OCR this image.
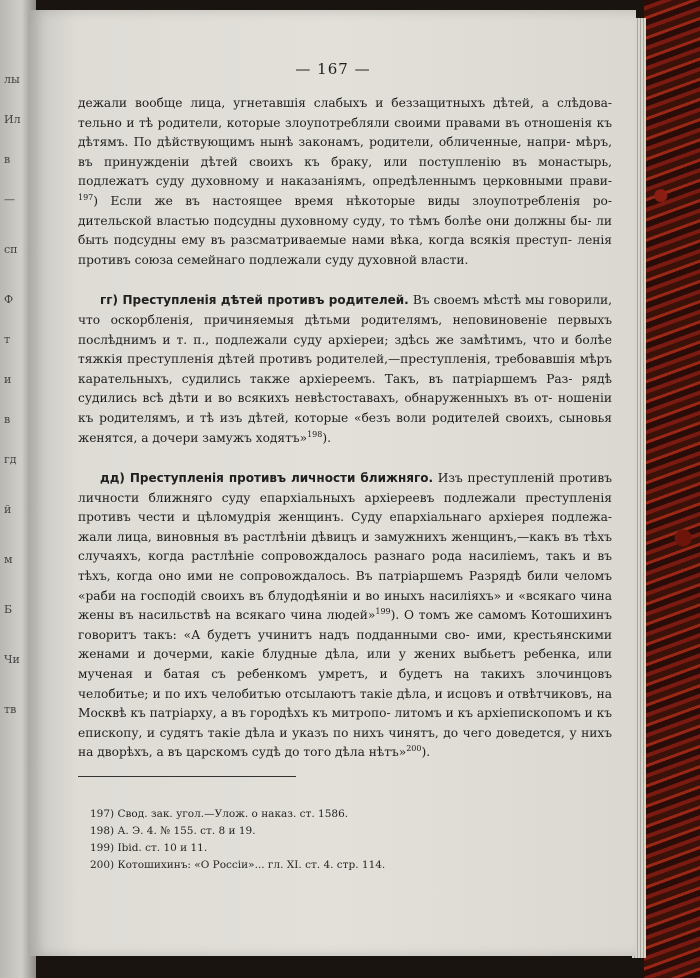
лы
Ил
в
—
сп
Ф
т
и
в
гд
й
м
Б
Чи
тв
— 167 —

дежали вообще лица, угнетавшія слабыхъ и беззащитныхъ дѣтей, а слѣдова- тельно и тѣ родители, которые злоупотребляли своими правами въ отношенія къ дѣтямъ. По дѣйствующимъ нынѣ законамъ, родители, обличенные, напри- мѣръ, въ принужденіи дѣтей своихъ къ браку, или поступленію въ монастырь, подлежатъ суду духовному и наказаніямъ, опредѣленнымъ церковными прави- $^{197}$) Если же въ настоящее время нѣкоторые виды злоупотребленія ро- дительской властью подсудны духовному суду, то тѣмъ болѣе они должны бы- ли быть подсудны ему въ разсматриваемые нами вѣка, когда всякія преступ- ленія противъ союза семейнаго подлежали суду духовной власти.

гг) Преступленія дѣтей противъ родителей. Въ своемъ мѣстѣ мы говорили, что оскорбленія, причиняемыя дѣтьми родителямъ, неповиновеніе первыхъ послѣднимъ и т. п., подлежали суду архіереи; здѣсь же замѣтимъ, что и болѣе тяжкія преступленія дѣтей противъ родителей,—преступленія, требовавшія мѣръ карательныхъ, судились также архіереемъ. Такъ, въ патріаршемъ Раз- рядѣ судились всѣ дѣти и во всякихъ невѣстоставахъ, обнаруженныхъ въ от- ношеніи къ родителямъ, и тѣ изъ дѣтей, которые «безъ воли родителей своихъ, сыновья женятся, а дочери замужъ ходятъ»$^{198}$).

дд) Преступленія противъ личности ближняго. Изъ преступленій противъ личности ближняго суду епархіальныхъ архіереевъ подлежали преступленія противъ чести и цѣломудрія женщинъ. Суду епархіальнаго архіерея подлежа- жали лица, виновныя въ растлѣніи дѣвицъ и замужнихъ женщинъ,—какъ въ тѣхъ случаяхъ, когда растлѣніе сопровождалось разнаго рода насиліемъ, такъ и въ тѣхъ, когда оно ими не сопровождалось. Въ патріаршемъ Разрядѣ били челомъ «раби на господій своихъ въ блудодѣяніи и во иныхъ насиліяхъ» и «всякаго чина жены въ насильствѣ на всякаго чина людей»$^{199}$). О томъ же самомъ Котошихинъ говоритъ такъ: «А будетъ учинитъ надъ подданными сво- ими, крестьянскими женами и дочерми, какіе блудные дѣла, или у жениx выбьетъ ребенка, или мученая и батая съ ребенкомъ умретъ, и будетъ на такихъ злочинцовъ челобитье; и по ихъ челобитью отсылаютъ такіе дѣла, и исцовъ и отвѣтчиковъ, на Москвѣ къ патріарху, а въ городѣхъ къ митропо- литомъ и къ архіепископомъ и къ епископу, и судятъ такіе дѣла и указъ по нихъ чинятъ, до чего доведется, у нихъ на дворѣхъ, а въ царскомъ судѣ до того дѣла нѣтъ»$^{200}$).

197) Свод. зак. угол.—Улож. о наказ. ст. 1586.
198) А. Э. 4. № 155. ст. 8 и 19.
199) Ibid. ст. 10 и 11.
200) Котошихинъ: «О Россіи»... гл. XI. ст. 4. стр. 114.
